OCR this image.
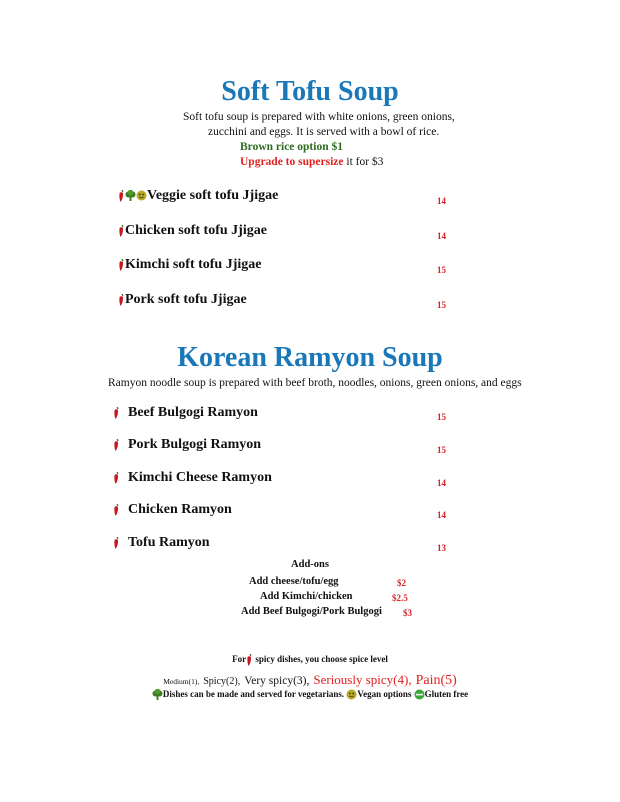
Soft Tofu Soup
Soft tofu soup is prepared with white onions, green onions,
zucchini and eggs. It is served with a bowl of rice.
Brown rice option $1
Upgrade to supersize it for $3
Veggie soft tofu Jjigae	14
Chicken soft tofu Jjigae	14
Kimchi soft tofu Jjigae	15
Pork soft tofu Jjigae	15
Korean Ramyon Soup
Ramyon noodle soup is prepared with beef broth, noodles, onions, green onions, and eggs
Beef Bulgogi Ramyon	15
Pork Bulgogi Ramyon	15
Kimchi Cheese Ramyon	14
Chicken Ramyon	14
Tofu Ramyon	13
Add-ons
Add cheese/tofu/egg	$2
Add Kimchi/chicken	$2.5
Add Beef Bulgogi/Pork Bulgogi $3
For spicy dishes, you choose spice level
Medium(1), Spicy(2), Very spicy(3), Seriously spicy(4), Pain(5)
Dishes can be made and served for vegetarians. Vegan options Gluten free
